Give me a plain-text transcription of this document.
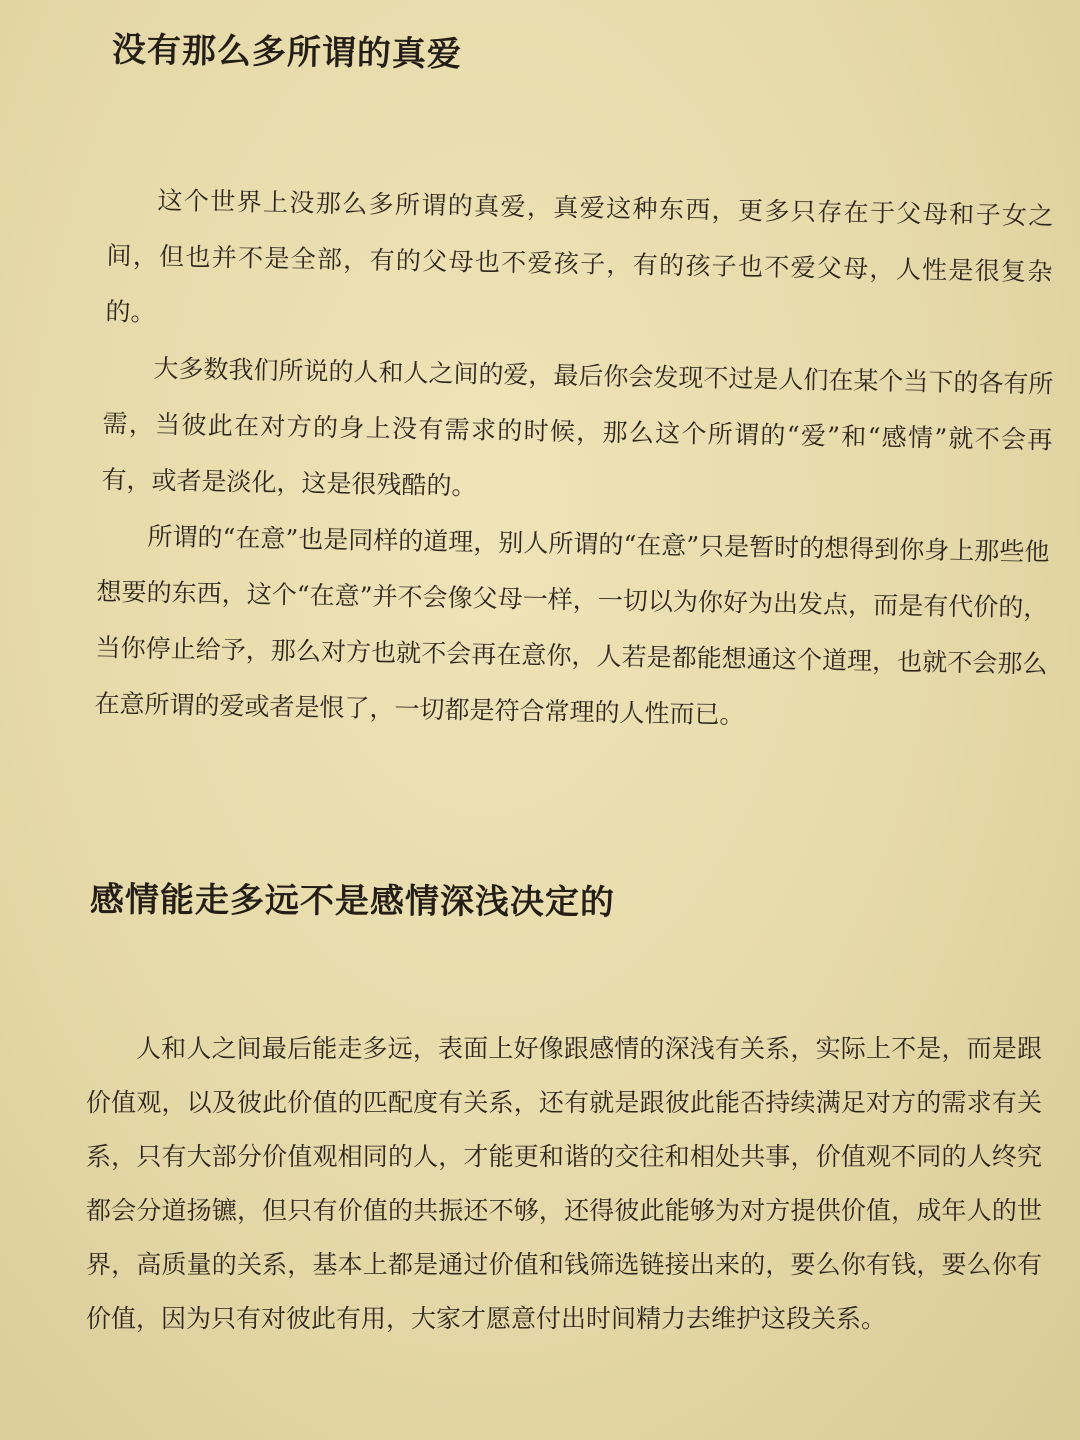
没有那么多所谓的真爱

这个世界上没那么多所谓的真爱，真爱这种东西，更多只存在于父母和子女之间，但也并不是全部，有的父母也不爱孩子，有的孩子也不爱父母，人性是很复杂的。

大多数我们所说的人和人之间的爱，最后你会发现不过是人们在某个当下的各有所需，当彼此在对方的身上没有需求的时候，那么这个所谓的“爱”和“感情”就不会再有，或者是淡化，这是很残酷的。

所谓的“在意”也是同样的道理，别人所谓的“在意”只是暂时的想得到你身上那些他想要的东西，这个“在意”并不会像父母一样，一切以为你好为出发点，而是有代价的，当你停止给予，那么对方也就不会再在意你，人若是都能想通这个道理，也就不会那么在意所谓的爱或者是恨了，一切都是符合常理的人性而已。

感情能走多远不是感情深浅决定的

人和人之间最后能走多远，表面上好像跟感情的深浅有关系，实际上不是，而是跟价值观，以及彼此价值的匹配度有关系，还有就是跟彼此能否持续满足对方的需求有关系，只有大部分价值观相同的人，才能更和谐的交往和相处共事，价值观不同的人终究都会分道扬镳，但只有价值的共振还不够，还得彼此能够为对方提供价值，成年人的世界，高质量的关系，基本上都是通过价值和钱筛选链接出来的，要么你有钱，要么你有价值，因为只有对彼此有用，大家才愿意付出时间精力去维护这段关系。
